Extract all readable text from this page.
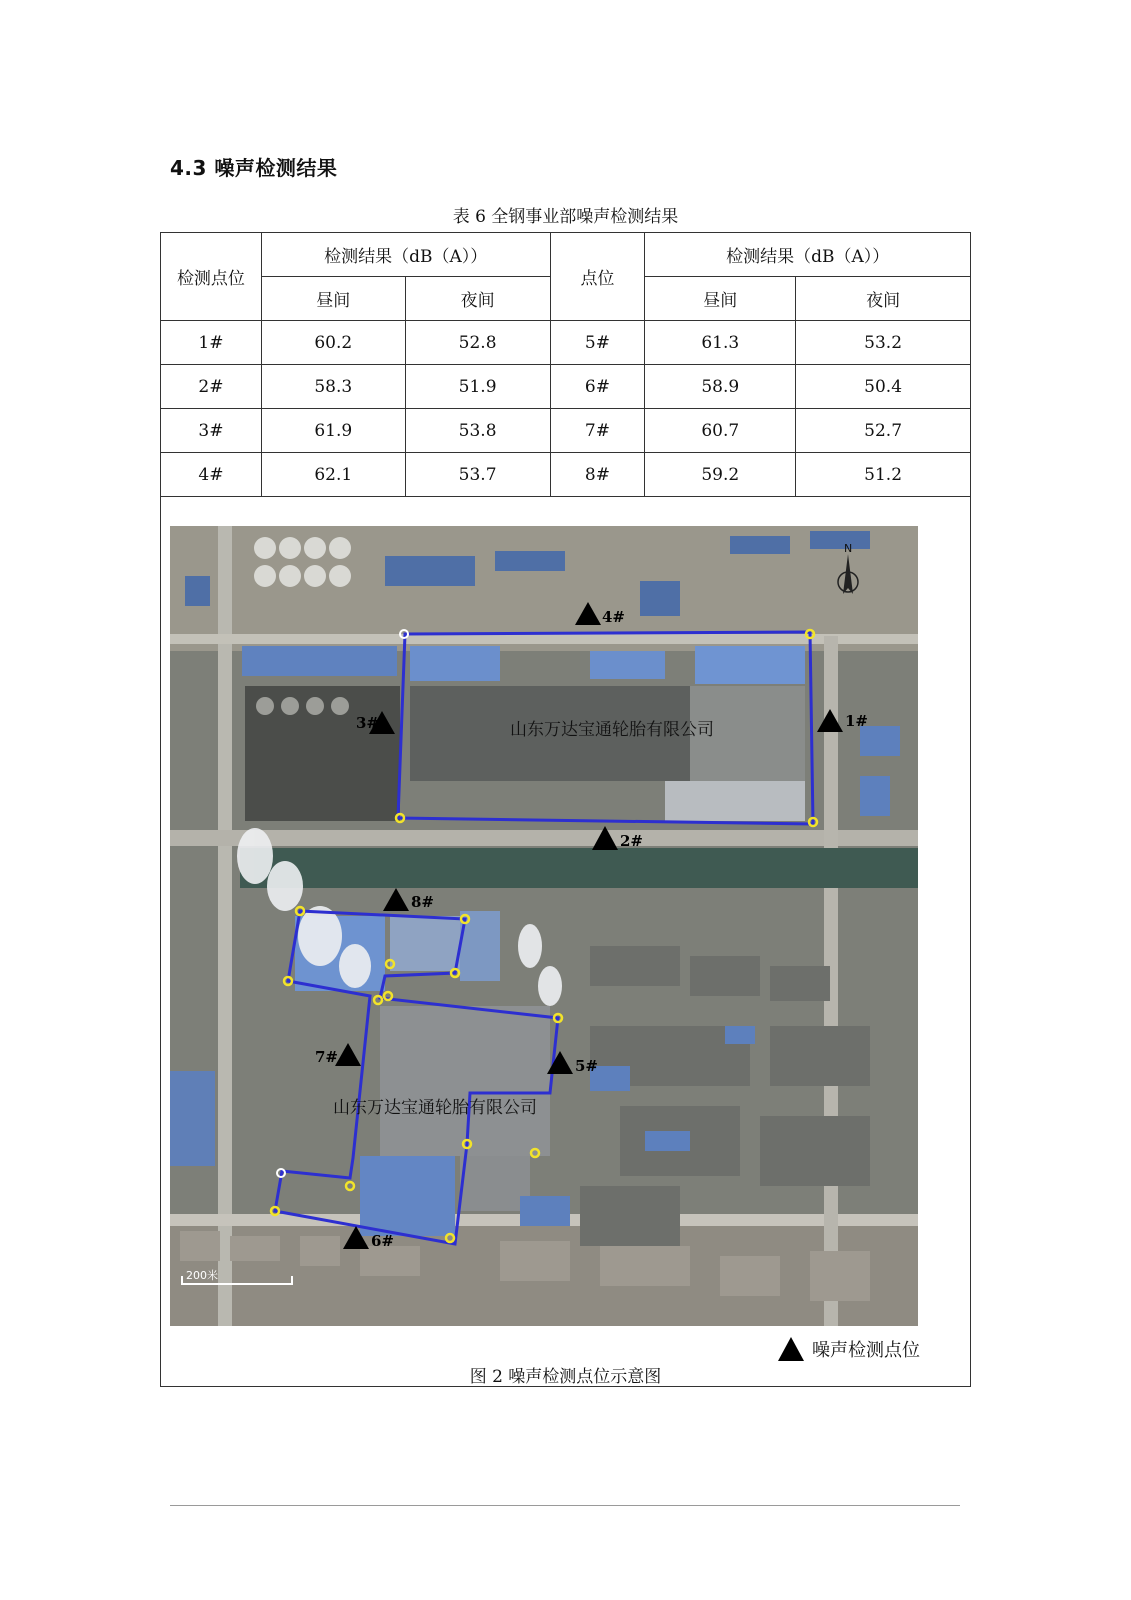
4.3 噪声检测结果
表 6 全钢事业部噪声检测结果
检测点位	检测结果（dB（A））		点位	检测结果（dB（A））	
	昼间	夜间		昼间	夜间
1#	60.2	52.8	5#	61.3	53.2
2#	58.3	51.9	6#	58.9	50.4
3#	61.9	53.8	7#	60.7	52.7
4#	62.1	53.7	8#	59.2	51.2
山东万达宝通轮胎有限公司
山东万达宝通轮胎有限公司
N
200米
1#
2#
3#
4#
5#
6#
7#
8#
噪声检测点位
图 2 噪声检测点位示意图
